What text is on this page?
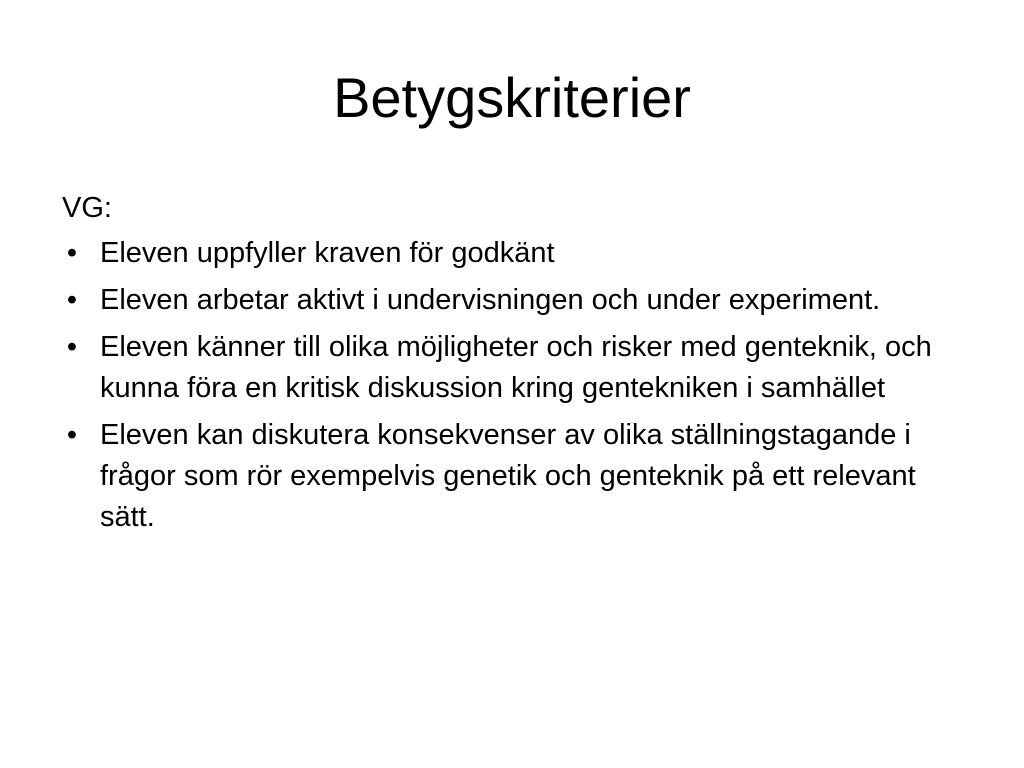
Betygskriterier

VG:

• Eleven uppfyller kraven för godkänt
• Eleven arbetar aktivt i undervisningen och under experiment.
• Eleven känner till olika möjligheter och risker med genteknik, och kunna föra en kritisk diskussion kring gentekniken i samhället
• Eleven kan diskutera konsekvenser av olika ställningstagande i frågor som rör exempelvis genetik och genteknik på ett relevant sätt.
